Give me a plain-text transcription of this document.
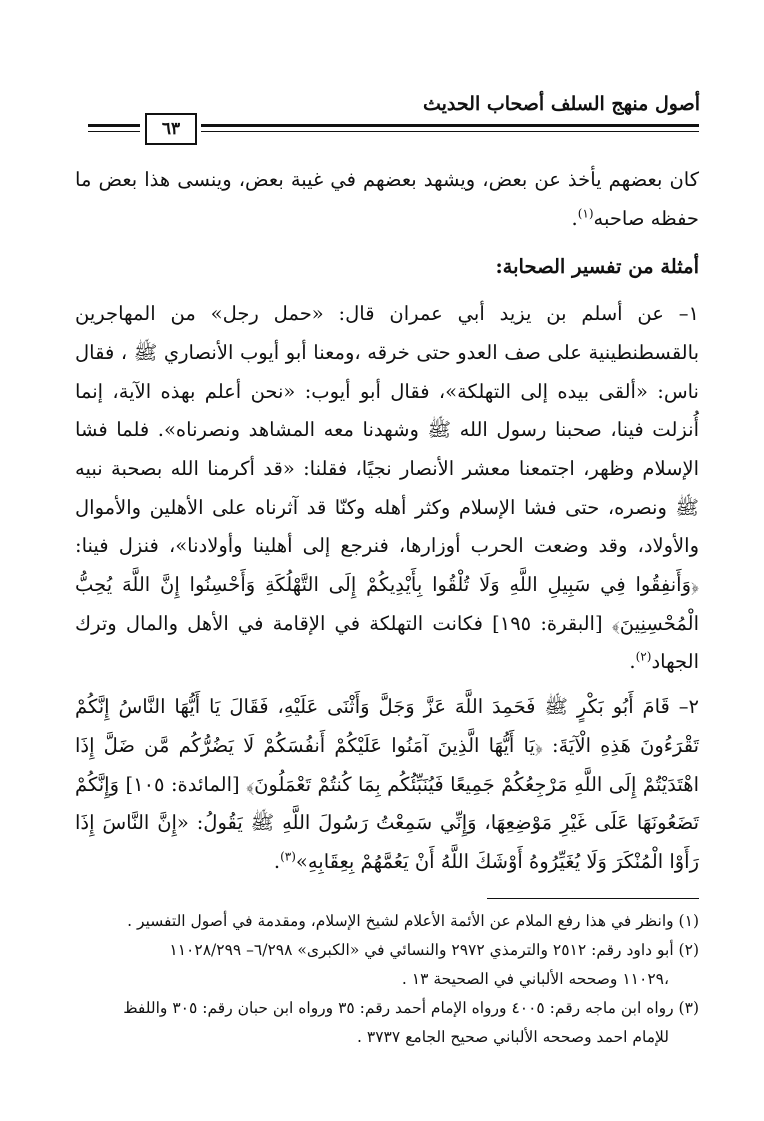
أصول منهج السلف أصحاب الحديث
٦٣

كان بعضهم يأخذ عن بعض، ويشهد بعضهم في غيبة بعض، وينسى هذا بعض ما حفظه صاحبه$^{(١)}$.

أمثلة من تفسير الصحابة:

١– عن أسلم بن يزيد أبي عمران قال: «حمل رجل» من المهاجرين بالقسطنطينية على صف العدو حتى خرقه ،ومعنا أبو أيوب الأنصاري ﷺ ، فقال ناس: «ألقى بيده إلى التهلكة»، فقال أبو أيوب: «نحن أعلم بهذه الآية، إنما أُنزلت فينا، صحبنا رسول الله ﷺ وشهدنا معه المشاهد ونصرناه». فلما فشا الإسلام وظهر، اجتمعنا معشر الأنصار نجيًا، فقلنا: «قد أكرمنا الله بصحبة نبيه ﷺ ونصره، حتى فشا الإسلام وكثر أهله وكنّا قد آثرناه على الأهلين والأموال والأولاد، وقد وضعت الحرب أوزارها، فنرجع إلى أهلينا وأولادنا»، فنزل فينا: ﴿وَأَنفِقُوا فِي سَبِيلِ اللَّهِ وَلَا تُلْقُوا بِأَيْدِيكُمْ إِلَى التَّهْلُكَةِ وَأَحْسِنُوا إِنَّ اللَّهَ يُحِبُّ الْمُحْسِنِينَ﴾ [البقرة: ١٩٥] فكانت التهلكة في الإقامة في الأهل والمال وترك الجهاد$^{(٢)}$.

٢– قَامَ أَبُو بَكْرٍ ﷺ فَحَمِدَ اللَّهَ عَزَّ وَجَلَّ وَأَثْنَى عَلَيْهِ، فَقَالَ يَا أَيُّهَا النَّاسُ إِنَّكُمْ تَقْرَءُونَ هَذِهِ الْآيَةَ: ﴿يَا أَيُّهَا الَّذِينَ آمَنُوا عَلَيْكُمْ أَنفُسَكُمْ لَا يَضُرُّكُم مَّن ضَلَّ إِذَا اهْتَدَيْتُمْ إِلَى اللَّهِ مَرْجِعُكُمْ جَمِيعًا فَيُنَبِّئُكُم بِمَا كُنتُمْ تَعْمَلُونَ﴾ [المائدة: ١٠٥] وَإِنَّكُمْ تَضَعُونَهَا عَلَى غَيْرِ مَوْضِعِهَا، وَإِنِّي سَمِعْتُ رَسُولَ اللَّهِ ﷺ يَقُولُ: «إِنَّ النَّاسَ إِذَا رَأَوْا الْمُنْكَرَ وَلَا يُغَيِّرُوهُ أَوْشَكَ اللَّهُ أَنْ يَعُمَّهُمْ بِعِقَابِهِ»$^{(٣)}$.

(١) وانظر في هذا رفع الملام عن الأئمة الأعلام لشيخ الإسلام، ومقدمة في أصول التفسير .

(٢) أبو داود رقم: ٢٥١٢ والترمذي ٢٩٧٢ والنسائي في «الكبرى» ٦/٢٩٨– ١١٠٢٨/٢٩٩

،١١٠٢٩ وصححه الألباني في الصحيحة ١٣ .

(٣) رواه ابن ماجه رقم: ٤٠٠٥ ورواه الإمام أحمد رقم: ٣٥ ورواه ابن حبان رقم: ٣٠٥ واللفظ

للإمام احمد وصححه الألباني صحيح الجامع ٣٧٣٧ .
